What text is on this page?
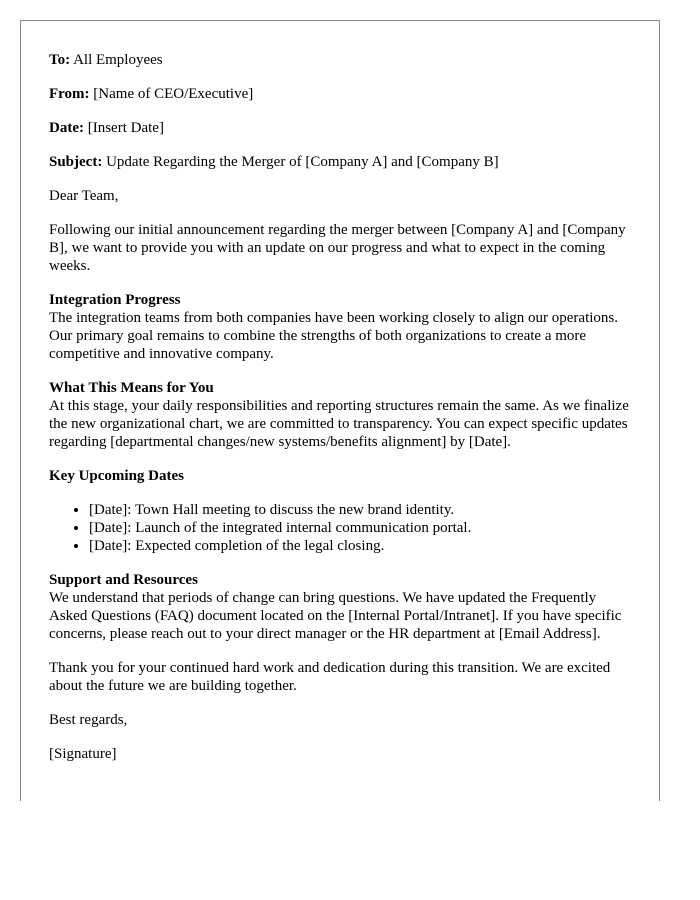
To: All Employees

From: [Name of CEO/Executive]

Date: [Insert Date]

Subject: Update Regarding the Merger of [Company A] and [Company B]

Dear Team,

Following our initial announcement regarding the merger between [Company A] and [Company B], we want to provide you with an update on our progress and what to expect in the coming weeks.

Integration Progress
The integration teams from both companies have been working closely to align our operations. Our primary goal remains to combine the strengths of both organizations to create a more competitive and innovative company.

What This Means for You
At this stage, your daily responsibilities and reporting structures remain the same. As we finalize the new organizational chart, we are committed to transparency. You can expect specific updates regarding [departmental changes/new systems/benefits alignment] by [Date].

Key Upcoming Dates

• [Date]: Town Hall meeting to discuss the new brand identity.
• [Date]: Launch of the integrated internal communication portal.
• [Date]: Expected completion of the legal closing.

Support and Resources
We understand that periods of change can bring questions. We have updated the Frequently Asked Questions (FAQ) document located on the [Internal Portal/Intranet]. If you have specific concerns, please reach out to your direct manager or the HR department at [Email Address].

Thank you for your continued hard work and dedication during this transition. We are excited about the future we are building together.

Best regards,

[Signature]
